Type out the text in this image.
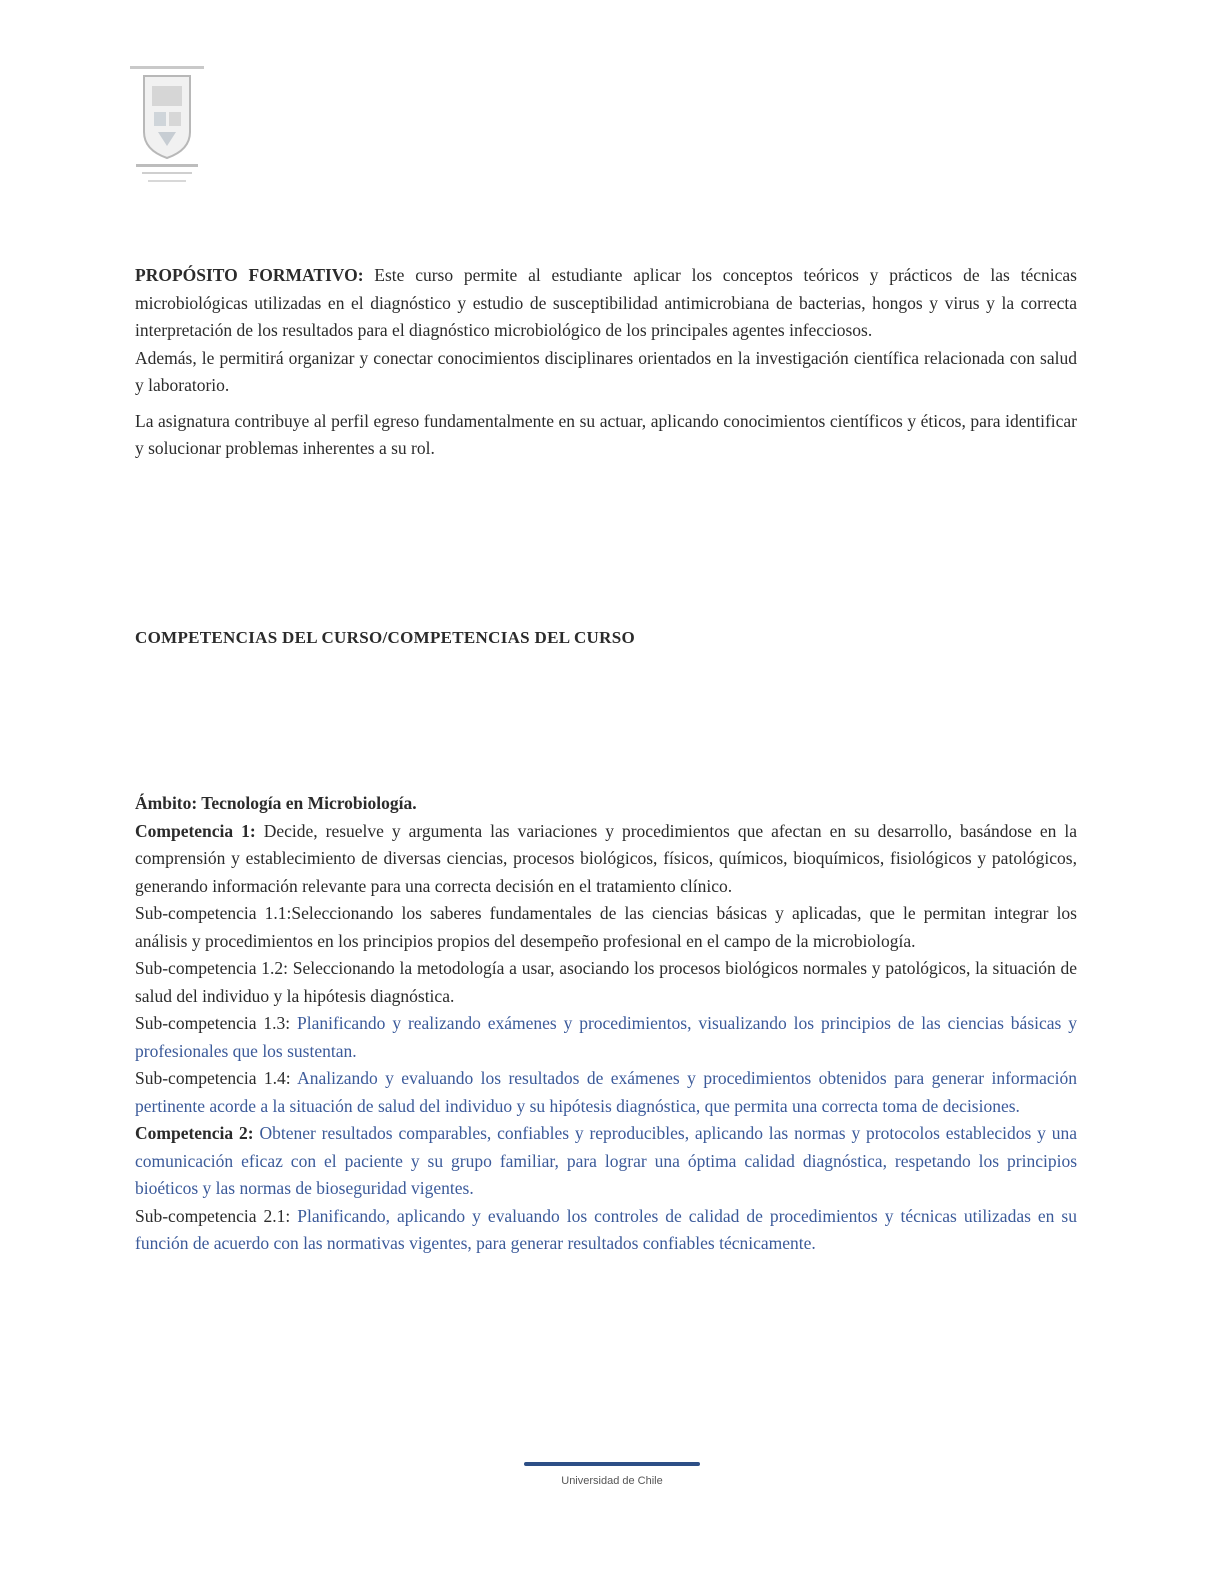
PROPÓSITO FORMATIVO: Este curso permite al estudiante aplicar los conceptos teóricos y prácticos de las técnicas microbiológicas utilizadas en el diagnóstico y estudio de susceptibilidad antimicrobiana de bacterias, hongos y virus y la correcta interpretación de los resultados para el diagnóstico microbiológico de los principales agentes infecciosos.

Además, le permitirá organizar y conectar conocimientos disciplinares orientados en la investigación científica relacionada con salud y laboratorio.

La asignatura contribuye al perfil egreso fundamentalmente en su actuar, aplicando conocimientos científicos y éticos, para identificar y solucionar problemas inherentes a su rol.

COMPETENCIAS DEL CURSO/COMPETENCIAS DEL CURSO

Ámbito: Tecnología en Microbiología.

Competencia 1: Decide, resuelve y argumenta las variaciones y procedimientos que afectan en su desarrollo, basándose en la comprensión y establecimiento de diversas ciencias, procesos biológicos, físicos, químicos, bioquímicos, fisiológicos y patológicos, generando información relevante para una correcta decisión en el tratamiento clínico.

Sub-competencia 1.1:Seleccionando los saberes fundamentales de las ciencias básicas y aplicadas, que le permitan integrar los análisis y procedimientos en los principios propios del desempeño profesional en el campo de la microbiología.

Sub-competencia 1.2: Seleccionando la metodología a usar, asociando los procesos biológicos normales y patológicos, la situación de salud del individuo y la hipótesis diagnóstica.

Sub-competencia 1.3: Planificando y realizando exámenes y procedimientos, visualizando los principios de las ciencias básicas y profesionales que los sustentan.

Sub-competencia 1.4: Analizando y evaluando los resultados de exámenes y procedimientos obtenidos para generar información pertinente acorde a la situación de salud del individuo y su hipótesis diagnóstica, que permita una correcta toma de decisiones.

Competencia 2: Obtener resultados comparables, confiables y reproducibles, aplicando las normas y protocolos establecidos y una comunicación eficaz con el paciente y su grupo familiar, para lograr una óptima calidad diagnóstica, respetando los principios bioéticos y las normas de bioseguridad vigentes.

Sub-competencia 2.1: Planificando, aplicando y evaluando los controles de calidad de procedimientos y técnicas utilizadas en su función de acuerdo con las normativas vigentes, para generar resultados confiables técnicamente.

Universidad de Chile
